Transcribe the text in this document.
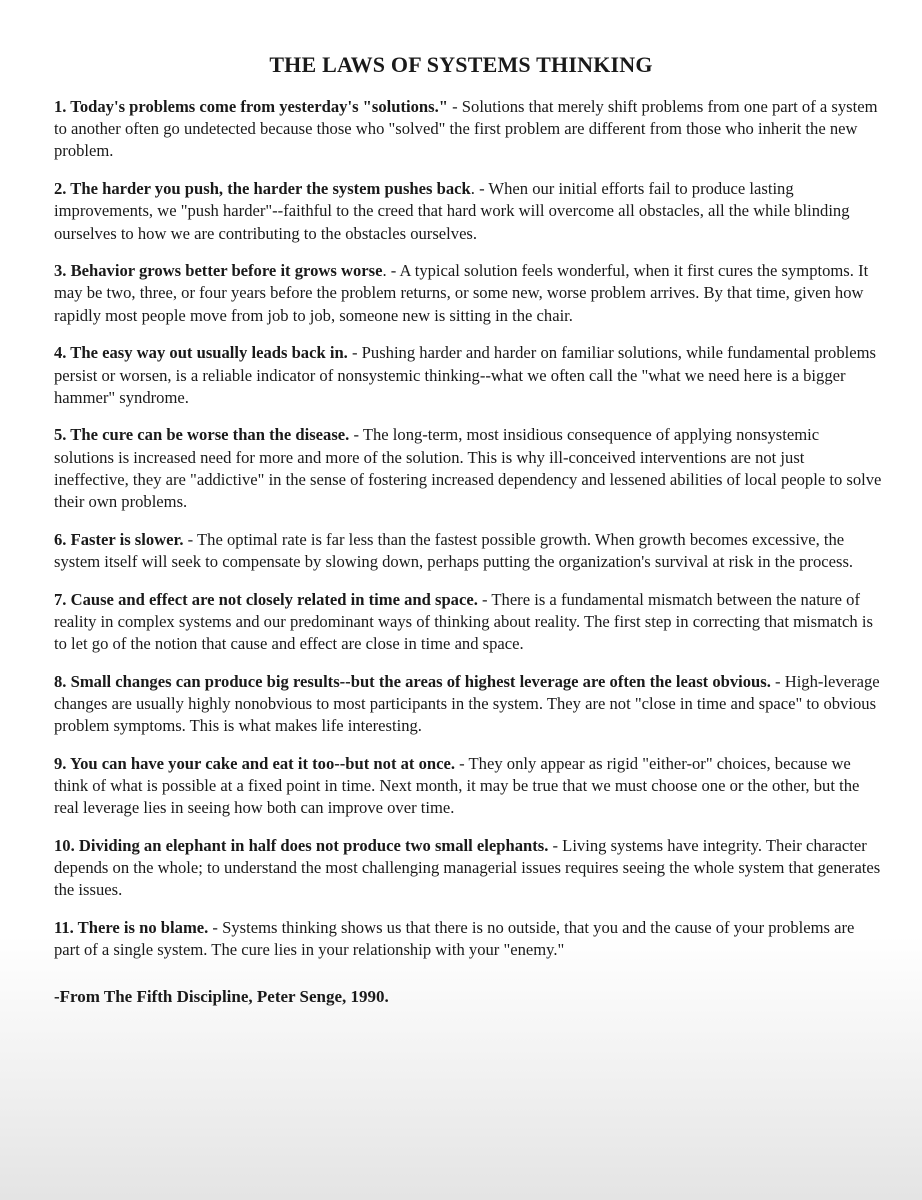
THE LAWS OF SYSTEMS THINKING

1. Today's problems come from yesterday's "solutions." - Solutions that merely shift problems from one part of a system to another often go undetected because those who "solved" the first problem are different from those who inherit the new problem.

2. The harder you push, the harder the system pushes back. - When our initial efforts fail to produce lasting improvements, we "push harder"--faithful to the creed that hard work will overcome all obstacles, all the while blinding ourselves to how we are contributing to the obstacles ourselves.

3. Behavior grows better before it grows worse. - A typical solution feels wonderful, when it first cures the symptoms. It may be two, three, or four years before the problem returns, or some new, worse problem arrives. By that time, given how rapidly most people move from job to job, someone new is sitting in the chair.

4. The easy way out usually leads back in. - Pushing harder and harder on familiar solutions, while fundamental problems persist or worsen, is a reliable indicator of nonsystemic thinking--what we often call the "what we need here is a bigger hammer" syndrome.

5. The cure can be worse than the disease. - The long-term, most insidious consequence of applying nonsystemic solutions is increased need for more and more of the solution. This is why ill-conceived interventions are not just ineffective, they are "addictive" in the sense of fostering increased dependency and lessened abilities of local people to solve their own problems.

6. Faster is slower. - The optimal rate is far less than the fastest possible growth. When growth becomes excessive, the system itself will seek to compensate by slowing down, perhaps putting the organization's survival at risk in the process.

7. Cause and effect are not closely related in time and space. - There is a fundamental mismatch between the nature of reality in complex systems and our predominant ways of thinking about reality. The first step in correcting that mismatch is to let go of the notion that cause and effect are close in time and space.

8. Small changes can produce big results--but the areas of highest leverage are often the least obvious. - High-leverage changes are usually highly nonobvious to most participants in the system. They are not "close in time and space" to obvious problem symptoms. This is what makes life interesting.

9. You can have your cake and eat it too--but not at once. - They only appear as rigid "either-or" choices, because we think of what is possible at a fixed point in time. Next month, it may be true that we must choose one or the other, but the real leverage lies in seeing how both can improve over time.

10. Dividing an elephant in half does not produce two small elephants. - Living systems have integrity. Their character depends on the whole; to understand the most challenging managerial issues requires seeing the whole system that generates the issues.

11. There is no blame. - Systems thinking shows us that there is no outside, that you and the cause of your problems are part of a single system. The cure lies in your relationship with your "enemy."

-From The Fifth Discipline, Peter Senge, 1990.
